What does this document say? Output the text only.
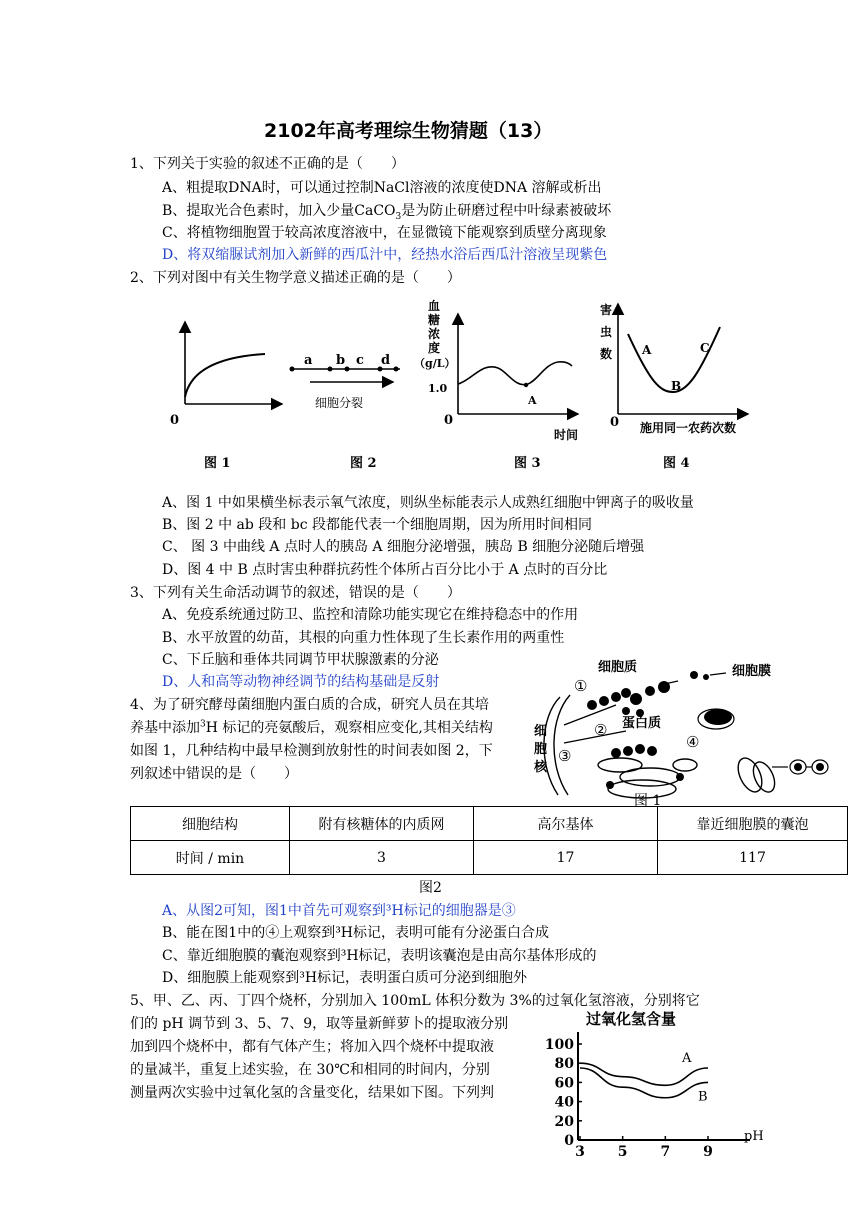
2102年高考理综生物猜题（13）
1、下列关于实验的叙述不正确的是（　　）
A、粗提取DNA时，可以通过控制NaCl溶液的浓度使DNA 溶解或析出
B、提取光合色素时，加入少量CaCO$_3$是为防止研磨过程中叶绿素被破坏
C、将植物细胞置于较高浓度溶液中，在显微镜下能观察到质壁分离现象
D、将双缩脲试剂加入新鲜的西瓜汁中，经热水浴后西瓜汁溶液呈现紫色
2、下列对图中有关生物学意义描述正确的是（　　）
0
图 1
a b c d
细胞分裂
图 2
血
糖
浓
度
（g/L）
1.0
A
0
时间
图 3
害
虫
数 A
B
C
0 施用同一农药次数
图 4
A、图 1 中如果横坐标表示氧气浓度，则纵坐标能表示人成熟红细胞中钾离子的吸收量
B、图 2 中 ab 段和 bc 段都能代表一个细胞周期，因为所用时间相同
C、 图 3 中曲线 A 点时人的胰岛 A 细胞分泌增强，胰岛 B 细胞分泌随后增强
D、图 4 中 B 点时害虫种群抗药性个体所占百分比小于 A 点时的百分比
3、下列有关生命活动调节的叙述，错误的是（　　）
A、免疫系统通过防卫、监控和清除功能实现它在维持稳态中的作用
B、水平放置的幼苗，其根的向重力性体现了生长素作用的两重性
C、下丘脑和垂体共同调节甲状腺激素的分泌
D、人和高等动物神经调节的结构基础是反射
4、为了研究酵母菌细胞内蛋白质的合成，研究人员在其培
养基中添加$^3$H 标记的亮氨酸后，观察相应变化,其相关结构
如图 1，几种结构中最早检测到放射性的时间表如图 2，下
列叙述中错误的是（　　）
细胞质	细胞膜
细
胞
核
蛋白质
①
②
③
④
图 1
细胞结构	附有核糖体的内质网	高尔基体	靠近细胞膜的囊泡
时间 / min	3	17	117
图2
A、从图2可知，图1中首先可观察到³H标记的细胞器是③
B、能在图1中的④上观察到³H标记，表明可能有分泌蛋白合成
C、靠近细胞膜的囊泡观察到³H标记，表明该囊泡是由高尔基体形成的
D、细胞膜上能观察到³H标记，表明蛋白质可分泌到细胞外
5、甲、乙、丙、丁四个烧杯，分别加入 100mL 体积分数为 3%的过氧化氢溶液，分别将它
们的 pH 调节到 3、5、7、9，取等量新鲜萝卜的提取液分别
加到四个烧杯中，都有气体产生；将加入四个烧杯中提取液
的量减半，重复上述实验，在 30℃和相同的时间内，分别
测量两次实验中过氧化氢的含量变化，结果如下图。下列判
过氧化氢含量
0
20
40
60
80
100
3 5 7 9
pH
A
B
